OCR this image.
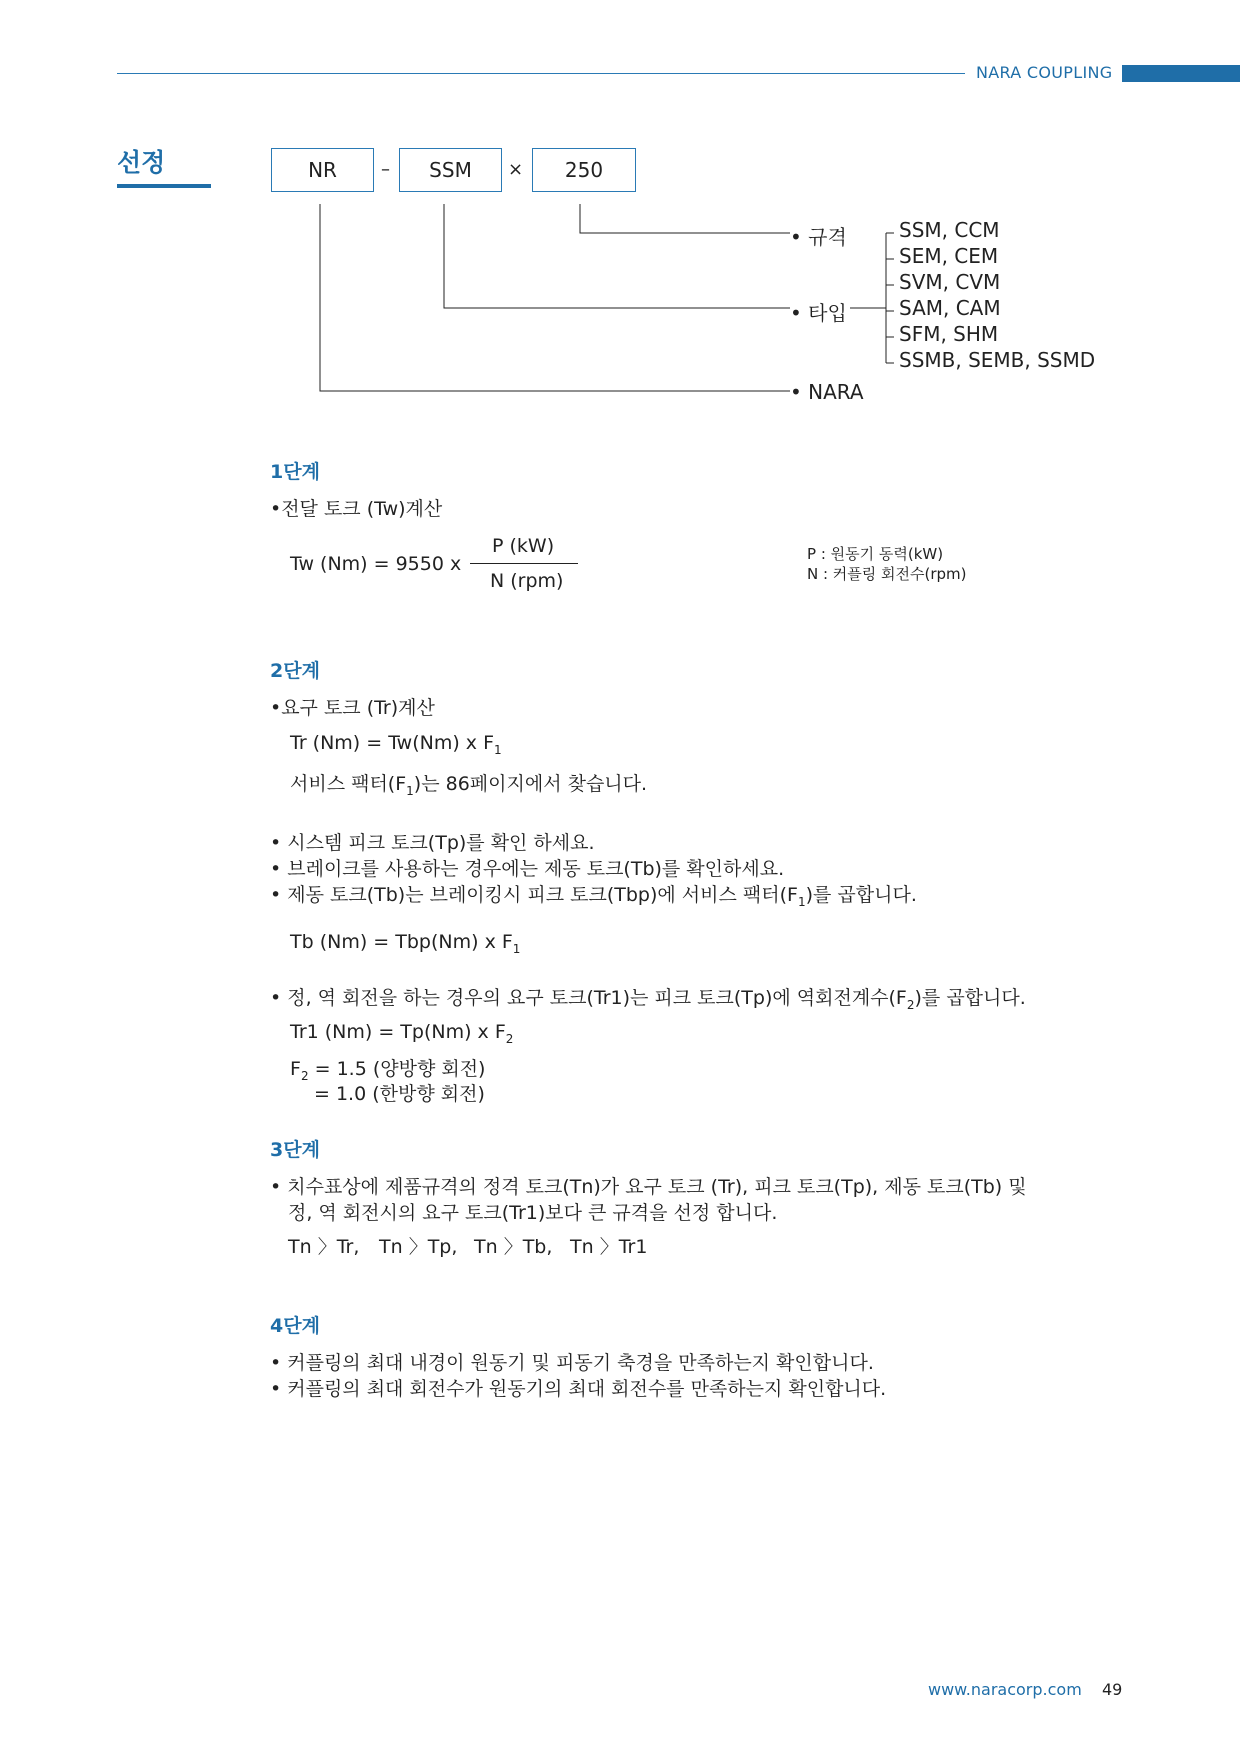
NARA COUPLING
선정	NR – SSM × 250
• 규격
• 타입
• NARA
SSM, CCM
SEM, CEM
SVM, CVM
SAM, CAM
SFM, SHM
SSMB, SEMB, SSMD
1단계
•전달 토크 (Tw)계산
Tw (Nm) = 9550 x
P (kW)
N (rpm)
P : 원동기 동력(kW)
N : 커플링 회전수(rpm)
2단계
•요구 토크 (Tr)계산
Tr (Nm) = Tw(Nm) x $F_1$
서비스 팩터$(F_1)$는 86페이지에서 찾습니다.
• 시스템 피크 토크(Tp)를 확인 하세요.
• 브레이크를 사용하는 경우에는 제동 토크(Tb)를 확인하세요.
• 제동 토크(Tb)는 브레이킹시 피크 토크(Tbp)에 서비스 팩터$(F_1)$를 곱합니다.
Tb (Nm) = Tbp(Nm) x $F_1$
• 정, 역 회전을 하는 경우의 요구 토크(Tr1)는 피크 토크(Tp)에 역회전계수$(F_2)$를 곱합니다.
Tr1 (Nm) = Tp(Nm) x $F_2$
$F_2 = 1.5$ (양방향 회전)
= 1.0 (한방향 회전)
3단계
• 치수표상에 제품규격의 정격 토크(Tn)가 요구 토크 (Tr), 피크 토크(Tp), 제동 토크(Tb) 및
정, 역 회전시의 요구 토크(Tr1)보다 큰 규격을 선정 합니다.
Tn 〉Tr, Tn 〉Tp, Tn 〉Tb, Tn 〉Tr1
4단계
• 커플링의 최대 내경이 원동기 및 피동기 축경을 만족하는지 확인합니다.
• 커플링의 최대 회전수가 원동기의 최대 회전수를 만족하는지 확인합니다.
www.naracorp.com 49
